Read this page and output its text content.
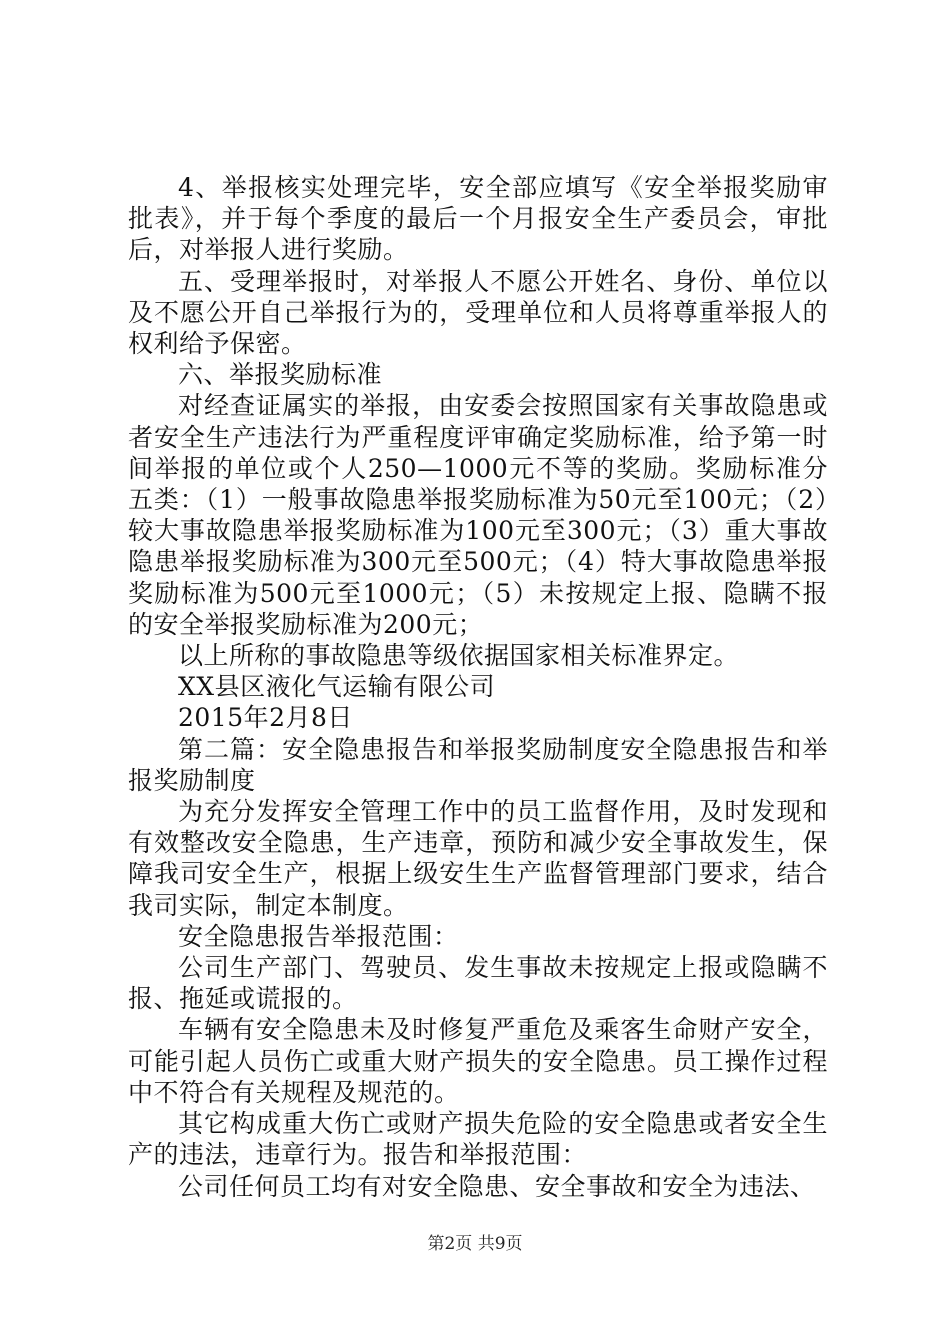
4、举报核实处理完毕，安全部应填写《安全举报奖励审批表》，并于每个季度的最后一个月报安全生产委员会，审批后，对举报人进行奖励。

五、受理举报时，对举报人不愿公开姓名、身份、单位以及不愿公开自己举报行为的，受理单位和人员将尊重举报人的权利给予保密。

六、举报奖励标准

对经查证属实的举报，由安委会按照国家有关事故隐患或者安全生产违法行为严重程度评审确定奖励标准，给予第一时间举报的单位或个人250—1000元不等的奖励。奖励标准分五类：（1）一般事故隐患举报奖励标准为50元至100元；（2）较大事故隐患举报奖励标准为100元至300元；（3）重大事故隐患举报奖励标准为300元至500元；（4）特大事故隐患举报奖励标准为500元至1000元；（5）未按规定上报、隐瞒不报的安全举报奖励标准为200元；

以上所称的事故隐患等级依据国家相关标准界定。

XX县区液化气运输有限公司

2015年2月8日

第二篇：安全隐患报告和举报奖励制度安全隐患报告和举报奖励制度

为充分发挥安全管理工作中的员工监督作用，及时发现和有效整改安全隐患，生产违章，预防和减少安全事故发生，保障我司安全生产，根据上级安生生产监督管理部门要求，结合我司实际，制定本制度。

安全隐患报告举报范围：

公司生产部门、驾驶员、发生事故未按规定上报或隐瞒不报、拖延或谎报的。

车辆有安全隐患未及时修复严重危及乘客生命财产安全，可能引起人员伤亡或重大财产损失的安全隐患。员工操作过程中不符合有关规程及规范的。

其它构成重大伤亡或财产损失危险的安全隐患或者安全生产的违法，违章行为。报告和举报范围：

公司任何员工均有对安全隐患、安全事故和安全为违法、

第2页 共9页
